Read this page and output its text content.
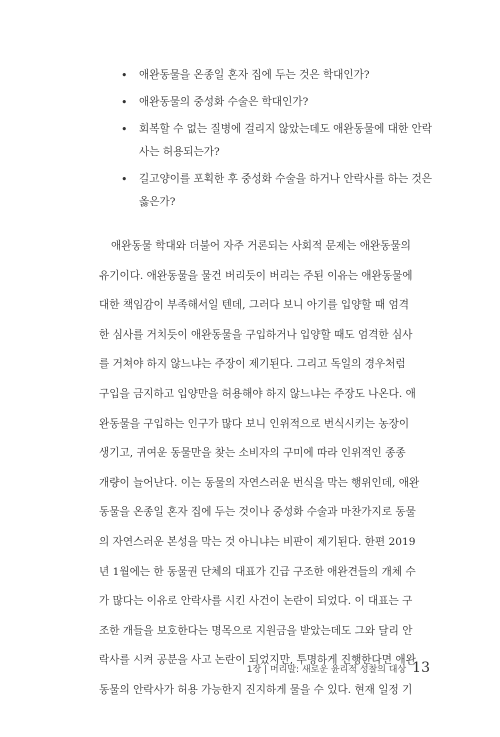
• 애완동물을 온종일 혼자 집에 두는 것은 학대인가?
• 애완동물의 중성화 수술은 학대인가?
• 회복할 수 없는 질병에 걸리지 않았는데도 애완동물에 대한 안락
사는 허용되는가?
• 길고양이를 포획한 후 중성화 수술을 하거나 안락사를 하는 것은
옳은가?
애완동물 학대와 더불어 자주 거론되는 사회적 문제는 애완동물의
유기이다. 애완동물을 물건 버리듯이 버리는 주된 이유는 애완동물에
대한 책임감이 부족해서일 텐데, 그러다 보니 아기를 입양할 때 엄격
한 심사를 거치듯이 애완동물을 구입하거나 입양할 때도 엄격한 심사
를 거쳐야 하지 않느냐는 주장이 제기된다. 그리고 독일의 경우처럼
구입을 금지하고 입양만을 허용해야 하지 않느냐는 주장도 나온다. 애
완동물을 구입하는 인구가 많다 보니 인위적으로 번식시키는 농장이
생기고, 귀여운 동물만을 찾는 소비자의 구미에 따라 인위적인 종종
개량이 늘어난다. 이는 동물의 자연스러운 번식을 막는 행위인데, 애완
동물을 온종일 혼자 집에 두는 것이나 중성화 수술과 마찬가지로 동물
의 자연스러운 본성을 막는 것 아니냐는 비판이 제기된다. 한편 2019
년 1월에는 한 동물권 단체의 대표가 긴급 구조한 애완견들의 개체 수
가 많다는 이유로 안락사를 시킨 사건이 논란이 되었다. 이 대표는 구
조한 개들을 보호한다는 명목으로 지원금을 받았는데도 그와 달리 안
락사를 시켜 공분을 사고 논란이 되었지만, 투명하게 진행한다면 애완
동물의 안락사가 허용 가능한지 진지하게 물을 수 있다. 현재 일정 기
1장 | 머리말: 새로운 윤리적 성찰의 대상 13
